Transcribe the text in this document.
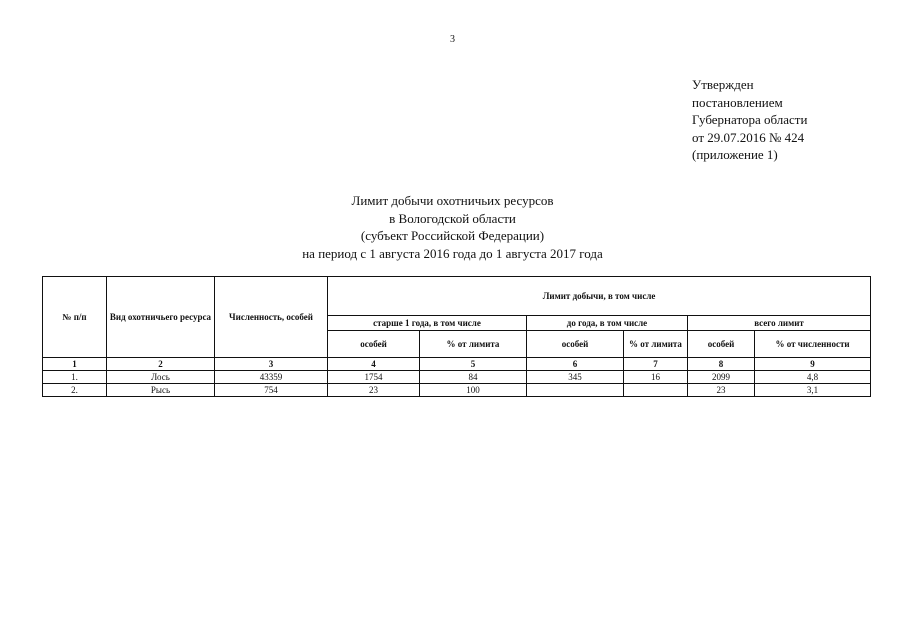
3
Утвержден
постановлением
Губернатора области
от 29.07.2016 № 424
(приложение 1)
Лимит добычи охотничьих ресурсов
в Вологодской области
(субъект Российской Федерации)
на период с 1 августа 2016 года до 1 августа 2017 года
№ п/п	Вид охотничьего ресурса	Численность, особей	Лимит добычи, в том числе					
			старше 1 года, в том числе		до года, в том числе		всего лимит	
			особей	% от лимита	особей	% от лимита	особей	% от численности
1	2	3	4	5	6	7	8	9
1.	Лось	43359	1754	84	345	16	2099	4,8
2.	Рысь	754	23	100			23	3,1
